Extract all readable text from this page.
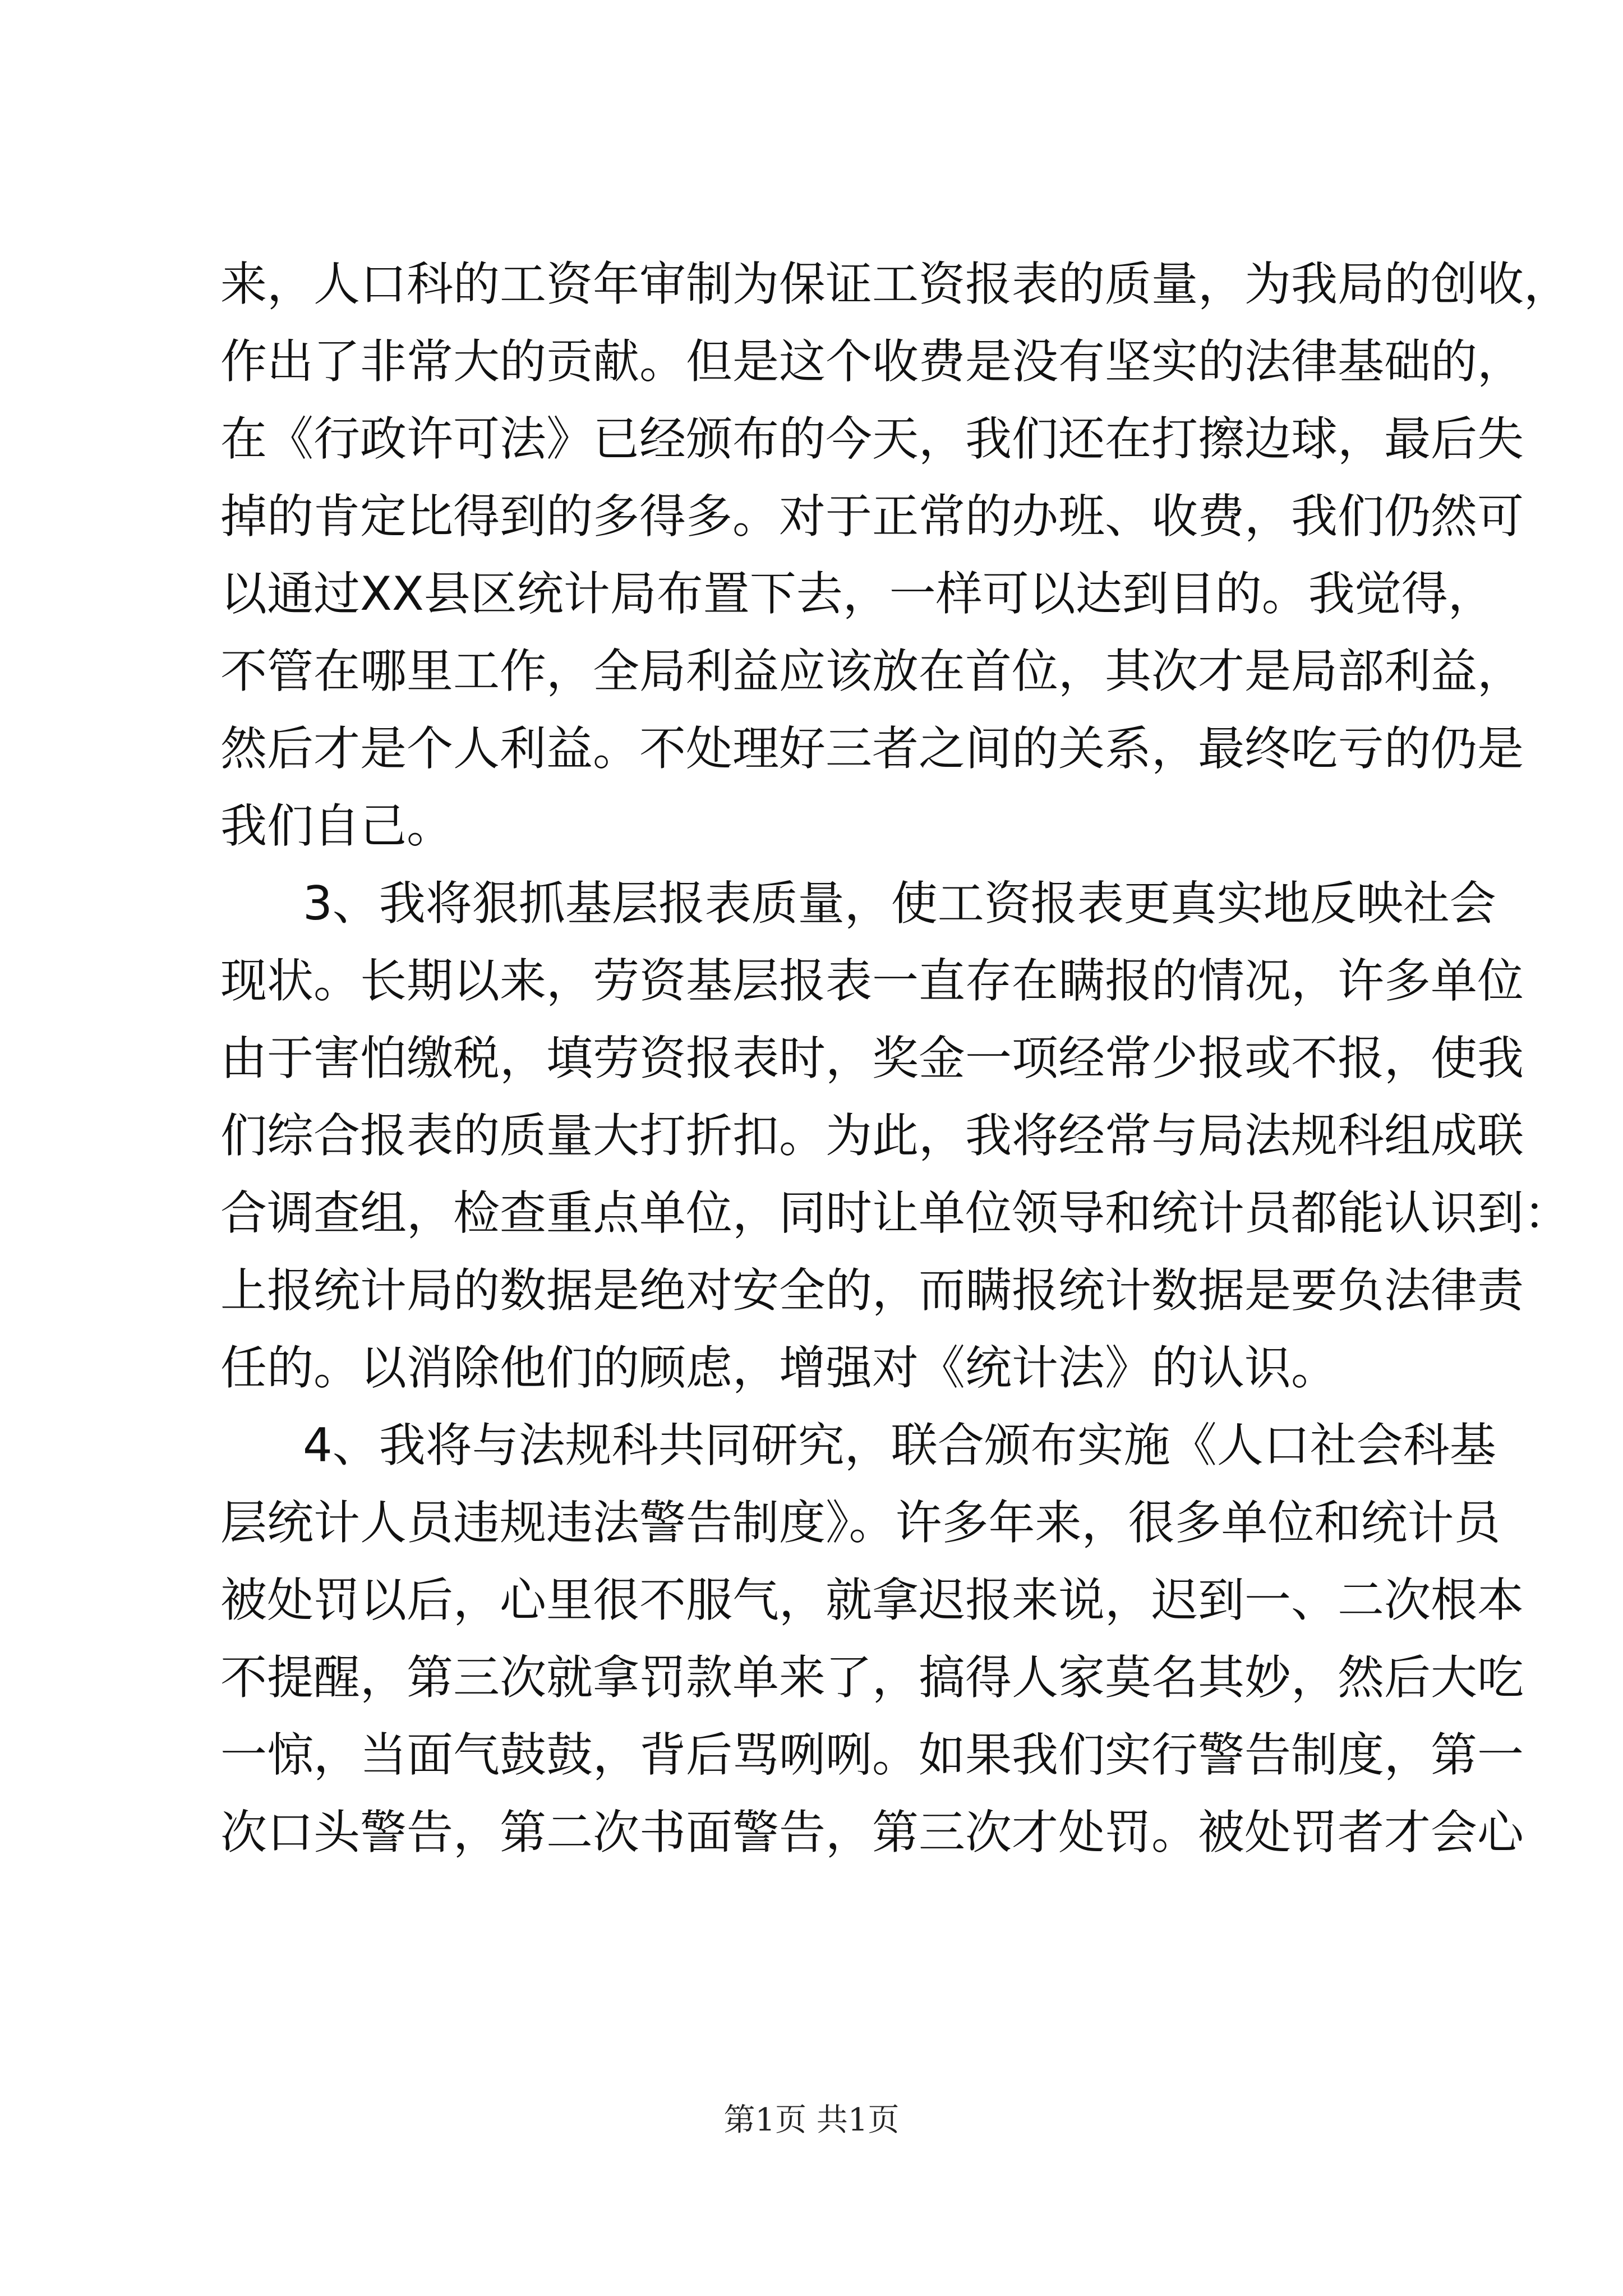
来，人口科的工资年审制为保证工资报表的质量，为我局的创收，
作出了非常大的贡献。但是这个收费是没有坚实的法律基础的，
在《行政许可法》已经颁布的今天，我们还在打擦边球，最后失
掉的肯定比得到的多得多。对于正常的办班、收费，我们仍然可
以通过XX县区统计局布置下去，一样可以达到目的。我觉得，
不管在哪里工作，全局利益应该放在首位，其次才是局部利益，
然后才是个人利益。不处理好三者之间的关系，最终吃亏的仍是
我们自己。
3、我将狠抓基层报表质量，使工资报表更真实地反映社会
现状。长期以来，劳资基层报表一直存在瞒报的情况，许多单位
由于害怕缴税，填劳资报表时，奖金一项经常少报或不报，使我
们综合报表的质量大打折扣。为此，我将经常与局法规科组成联
合调查组，检查重点单位，同时让单位领导和统计员都能认识到：
上报统计局的数据是绝对安全的，而瞒报统计数据是要负法律责
任的。以消除他们的顾虑，增强对《统计法》的认识。
4、我将与法规科共同研究，联合颁布实施《人口社会科基
层统计人员违规违法警告制度》。许多年来，很多单位和统计员
被处罚以后，心里很不服气，就拿迟报来说，迟到一、二次根本
不提醒，第三次就拿罚款单来了，搞得人家莫名其妙，然后大吃
一惊，当面气鼓鼓，背后骂咧咧。如果我们实行警告制度，第一
次口头警告，第二次书面警告，第三次才处罚。被处罚者才会心
第1页 共1页
